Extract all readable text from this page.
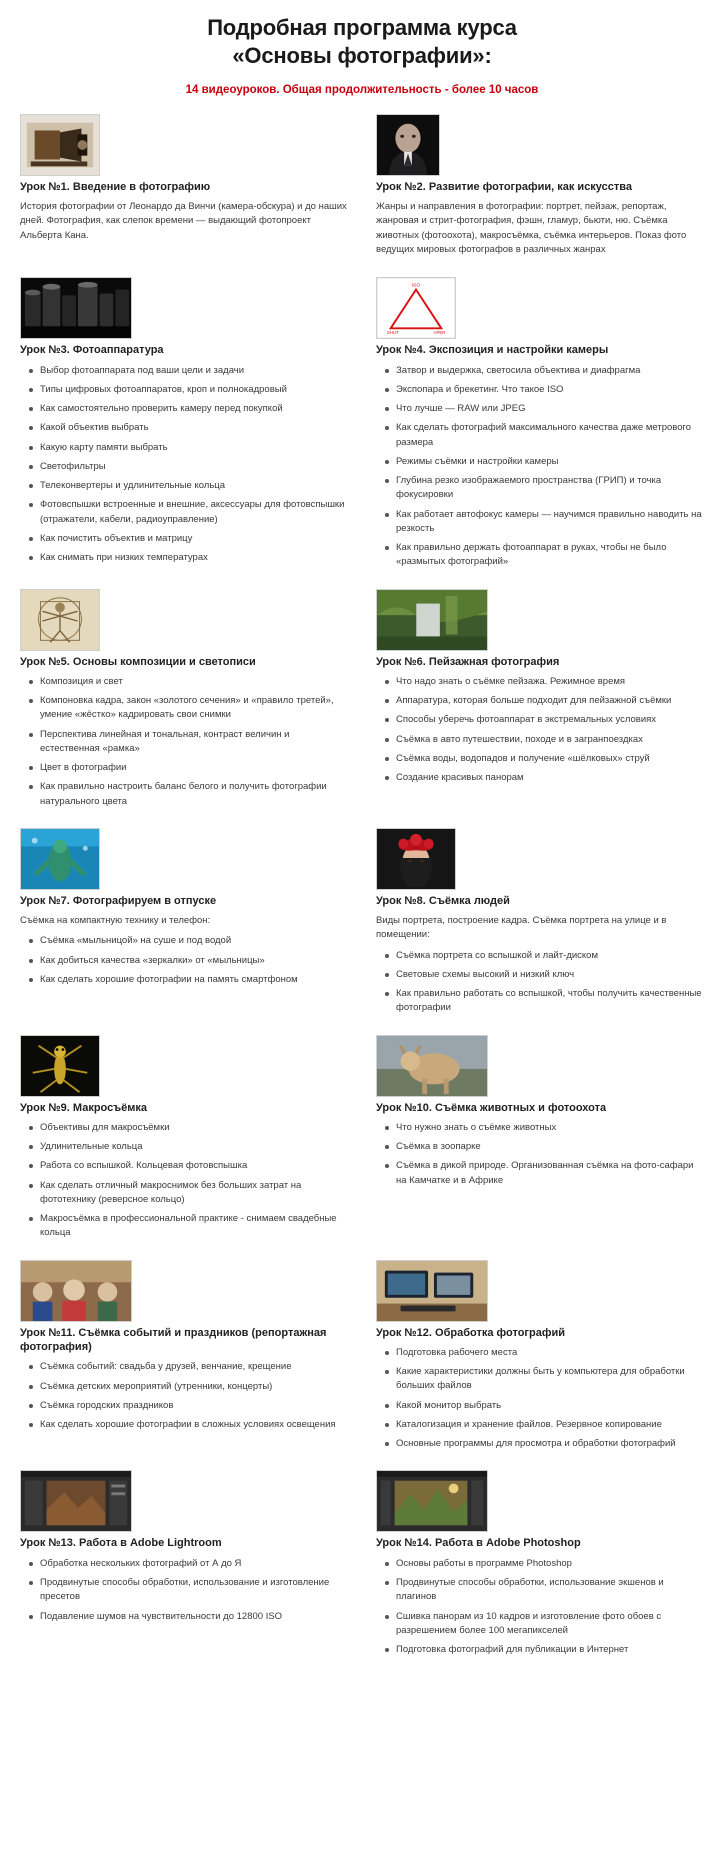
Подробная программа курса
«Основы фотографии»:
14 видеоуроков. Общая продолжительность - более 10 часов
Урок №1. Введение в фотографию

История фотографии от Леонардо да Винчи (камера-обскура) и до наших дней. Фотография, как слепок времени — выдающий фотопроект Альберта Кана.

Урок №2. Развитие фотографии, как искусства

Жанры и направления в фотографии: портрет, пейзаж, репортаж, жанровая и стрит-фотография, фэшн, гламур, бьюти, ню. Съёмка животных (фотоохота), макросъёмка, съёмка интерьеров. Показ фото ведущих мировых фотографов в различных жанрах

Урок №3. Фотоаппаратура
Выбор фотоаппарата под ваши цели и задачи
Типы цифровых фотоаппаратов, кроп и полнокадровый
Как самостоятельно проверить камеру перед покупкой
Какой объектив выбрать
Какую карту памяти выбрать
Светофильтры
Телеконвертеры и удлинительные кольца
Фотовспышки встроенные и внешние, аксессуары для фотовспышки (отражатели, кабели, радиоуправление)
Как почистить объектив и матрицу
Как снимать при низких температурах
ISO
SHUT	APER
Урок №4. Экспозиция и настройки камеры
Затвор и выдержка, светосила объектива и диафрагма
Экспопара и брекетинг. Что такое ISO
Что лучше — RAW или JPEG
Как сделать фотографий максимального качества даже метрового размера
Режимы съёмки и настройки камеры
Глубина резко изображаемого пространства (ГРИП) и точка фокусировки
Как работает автофокус камеры — научимся правильно наводить на резкость
Как правильно держать фотоаппарат в руках, чтобы не было «размытых фотографий»
Урок №5. Основы композиции и светописи
Композиция и свет
Компоновка кадра, закон «золотого сечения» и «правило третей», умение «жёстко» кадрировать свои снимки
Перспектива линейная и тональная, контраст величин и естественная «рамка»
Цвет в фотографии
Как правильно настроить баланс белого и получить фотографии натурального цвета
Урок №6. Пейзажная фотография
Что надо знать о съёмке пейзажа. Режимное время
Аппаратура, которая больше подходит для пейзажной съёмки
Способы уберечь фотоаппарат в экстремальных условиях
Съёмка в авто путешествии, походе и в загранпоездках
Съёмка воды, водопадов и получение «шёлковых» струй
Создание красивых панорам
Урок №7. Фотографируем в отпуске

Съёмка на компактную технику и телефон:

Съёмка «мыльницой» на суше и под водой
Как добиться качества «зеркалки» от «мыльницы»
Как сделать хорошие фотографии на память смартфоном
Урок №8. Съёмка людей

Виды портрета, построение кадра. Съёмка портрета на улице и в помещении:

Съёмка портрета со вспышкой и лайт-диском
Световые схемы высокий и низкий ключ
Как правильно работать со вспышкой, чтобы получить качественные фотографии
Урок №9. Макросъёмка
Объективы для макросъёмки
Удлинительные кольца
Работа со вспышкой. Кольцевая фотовспышка
Как сделать отличный макроснимок без больших затрат на фототехнику (реверсное кольцо)
Макросъёмка в профессиональной практике - снимаем свадебные кольца
Урок №10. Съёмка животных и фотоохота
Что нужно знать о съёмке животных
Съёмка в зоопарке
Съёмка в дикой природе. Организованная съёмка на фото-сафари на Камчатке и в Африке
Урок №11. Съёмка событий и праздников (репортажная фотография)
Съёмка событий: свадьба у друзей, венчание, крещение
Съёмка детских мероприятий (утренники, концерты)
Съёмка городских праздников
Как сделать хорошие фотографии в сложных условиях освещения
Урок №12. Обработка фотографий
Подготовка рабочего места
Какие характеристики должны быть у компьютера для обработки больших файлов
Какой монитор выбрать
Каталогизация и хранение файлов. Резервное копирование
Основные программы для просмотра и обработки фотографий
Урок №13. Работа в Adobe Lightroom
Обработка нескольких фотографий от А до Я
Продвинутые способы обработки, использование и изготовление пресетов
Подавление шумов на чувствительности до 12800 ISO
Урок №14. Работа в Adobe Photoshop
Основы работы в программе Photoshop
Продвинутые способы обработки, использование экшенов и плагинов
Сшивка панорам из 10 кадров и изготовление фото обоев с разрешением более 100 мегапикселей
Подготовка фотографий для публикации в Интернет
